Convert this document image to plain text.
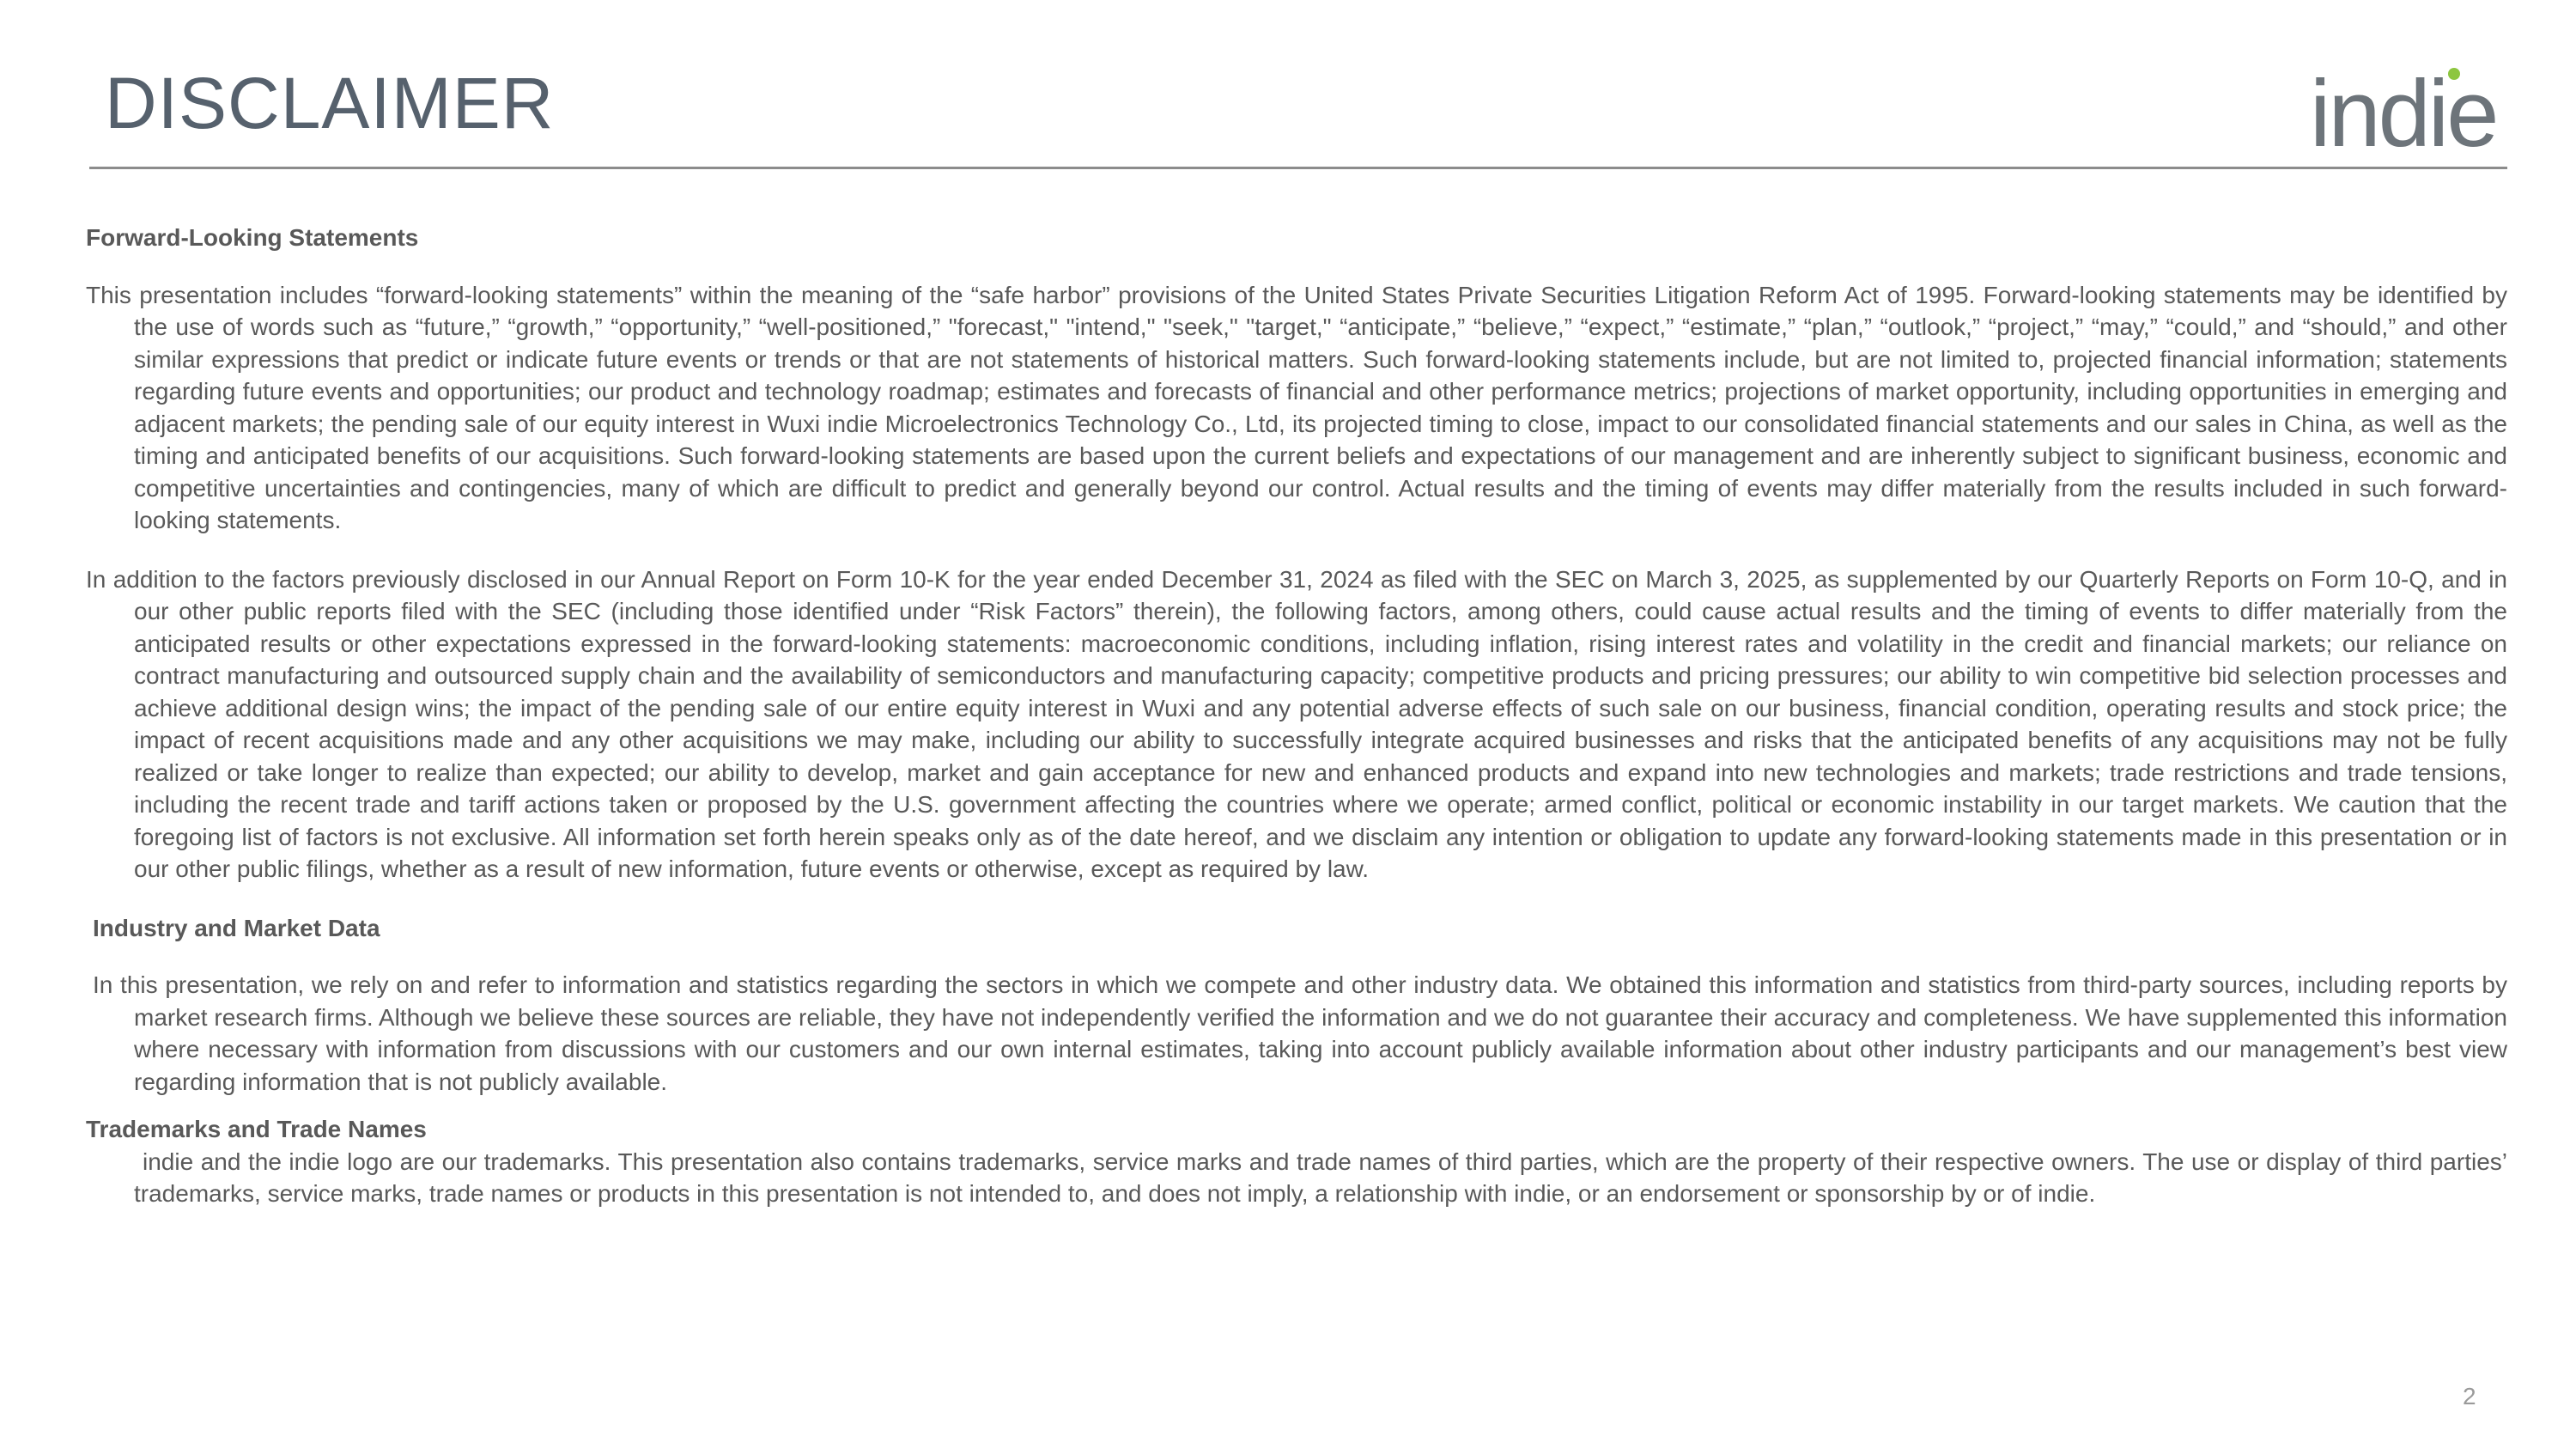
DISCLAIMER	indie

Forward-Looking Statements

This presentation includes “forward-looking statements” within the meaning of the “safe harbor” provisions of the United States Private Securities Litigation Reform Act of 1995. Forward-looking statements may be identified by the use of words such as “future,” “growth,” “opportunity,” “well-positioned,” "forecast," "intend," "seek," "target," “anticipate,” “believe,” “expect,” “estimate,” “plan,” “outlook,” “project,” “may,” “could,” and “should,” and other similar expressions that predict or indicate future events or trends or that are not statements of historical matters. Such forward-looking statements include, but are not limited to, projected financial information; statements regarding future events and opportunities; our product and technology roadmap; estimates and forecasts of financial and other performance metrics; projections of market opportunity, including opportunities in emerging and adjacent markets; the pending sale of our equity interest in Wuxi indie Microelectronics Technology Co., Ltd, its projected timing to close, impact to our consolidated financial statements and our sales in China, as well as the timing and anticipated benefits of our acquisitions. Such forward-looking statements are based upon the current beliefs and expectations of our management and are inherently subject to significant business, economic and competitive uncertainties and contingencies, many of which are difficult to predict and generally beyond our control. Actual results and the timing of events may differ materially from the results included in such forward-looking statements.

In addition to the factors previously disclosed in our Annual Report on Form 10-K for the year ended December 31, 2024 as filed with the SEC on March 3, 2025, as supplemented by our Quarterly Reports on Form 10-Q, and in our other public reports filed with the SEC (including those identified under “Risk Factors” therein), the following factors, among others, could cause actual results and the timing of events to differ materially from the anticipated results or other expectations expressed in the forward-looking statements: macroeconomic conditions, including inflation, rising interest rates and volatility in the credit and financial markets; our reliance on contract manufacturing and outsourced supply chain and the availability of semiconductors and manufacturing capacity; competitive products and pricing pressures; our ability to win competitive bid selection processes and achieve additional design wins; the impact of the pending sale of our entire equity interest in Wuxi and any potential adverse effects of such sale on our business, financial condition, operating results and stock price; the impact of recent acquisitions made and any other acquisitions we may make, including our ability to successfully integrate acquired businesses and risks that the anticipated benefits of any acquisitions may not be fully realized or take longer to realize than expected; our ability to develop, market and gain acceptance for new and enhanced products and expand into new technologies and markets; trade restrictions and trade tensions, including the recent trade and tariff actions taken or proposed by the U.S. government affecting the countries where we operate; armed conflict, political or economic instability in our target markets. We caution that the foregoing list of factors is not exclusive. All information set forth herein speaks only as of the date hereof, and we disclaim any intention or obligation to update any forward-looking statements made in this presentation or in our other public filings, whether as a result of new information, future events or otherwise, except as required by law.

Industry and Market Data

In this presentation, we rely on and refer to information and statistics regarding the sectors in which we compete and other industry data. We obtained this information and statistics from third-party sources, including reports by market research firms. Although we believe these sources are reliable, they have not independently verified the information and we do not guarantee their accuracy and completeness. We have supplemented this information where necessary with information from discussions with our customers and our own internal estimates, taking into account publicly available information about other industry participants and our management’s best view regarding information that is not publicly available.

Trademarks and Trade Names

indie and the indie logo are our trademarks. This presentation also contains trademarks, service marks and trade names of third parties, which are the property of their respective owners. The use or display of third parties’ trademarks, service marks, trade names or products in this presentation is not intended to, and does not imply, a relationship with indie, or an endorsement or sponsorship by or of indie.

2
